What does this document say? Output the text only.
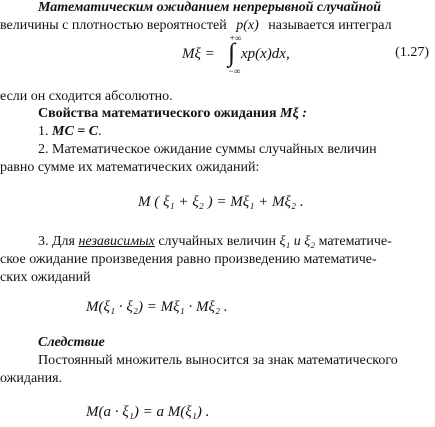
Математическим ожиданием непрерывной случайной
величины с плотностью вероятностей p(x) называется интеграл
Mξ =
+∞
∫
−∞
xp(x)dx,	(1.27)
если он сходится абсолютно.
Свойства математического ожидания Mξ :
1. MC = C.
2. Математическое ожидание суммы случайных величин
равно сумме их математических ожиданий:
M ( ξ₁ + ξ₂ ) = Mξ₁ + Mξ₂ .
3. Для независимых случайных величин ξ₁ и ξ₂ математиче-
ское ожидание произведения равно произведению математиче-
ских ожиданий
M(ξ₁ · ξ₂) = Mξ₁ · Mξ₂ .
Следствие
Постоянный множитель выносится за знак математического
ожидания.
M(a · ξ₁) = a M(ξ₁) .
